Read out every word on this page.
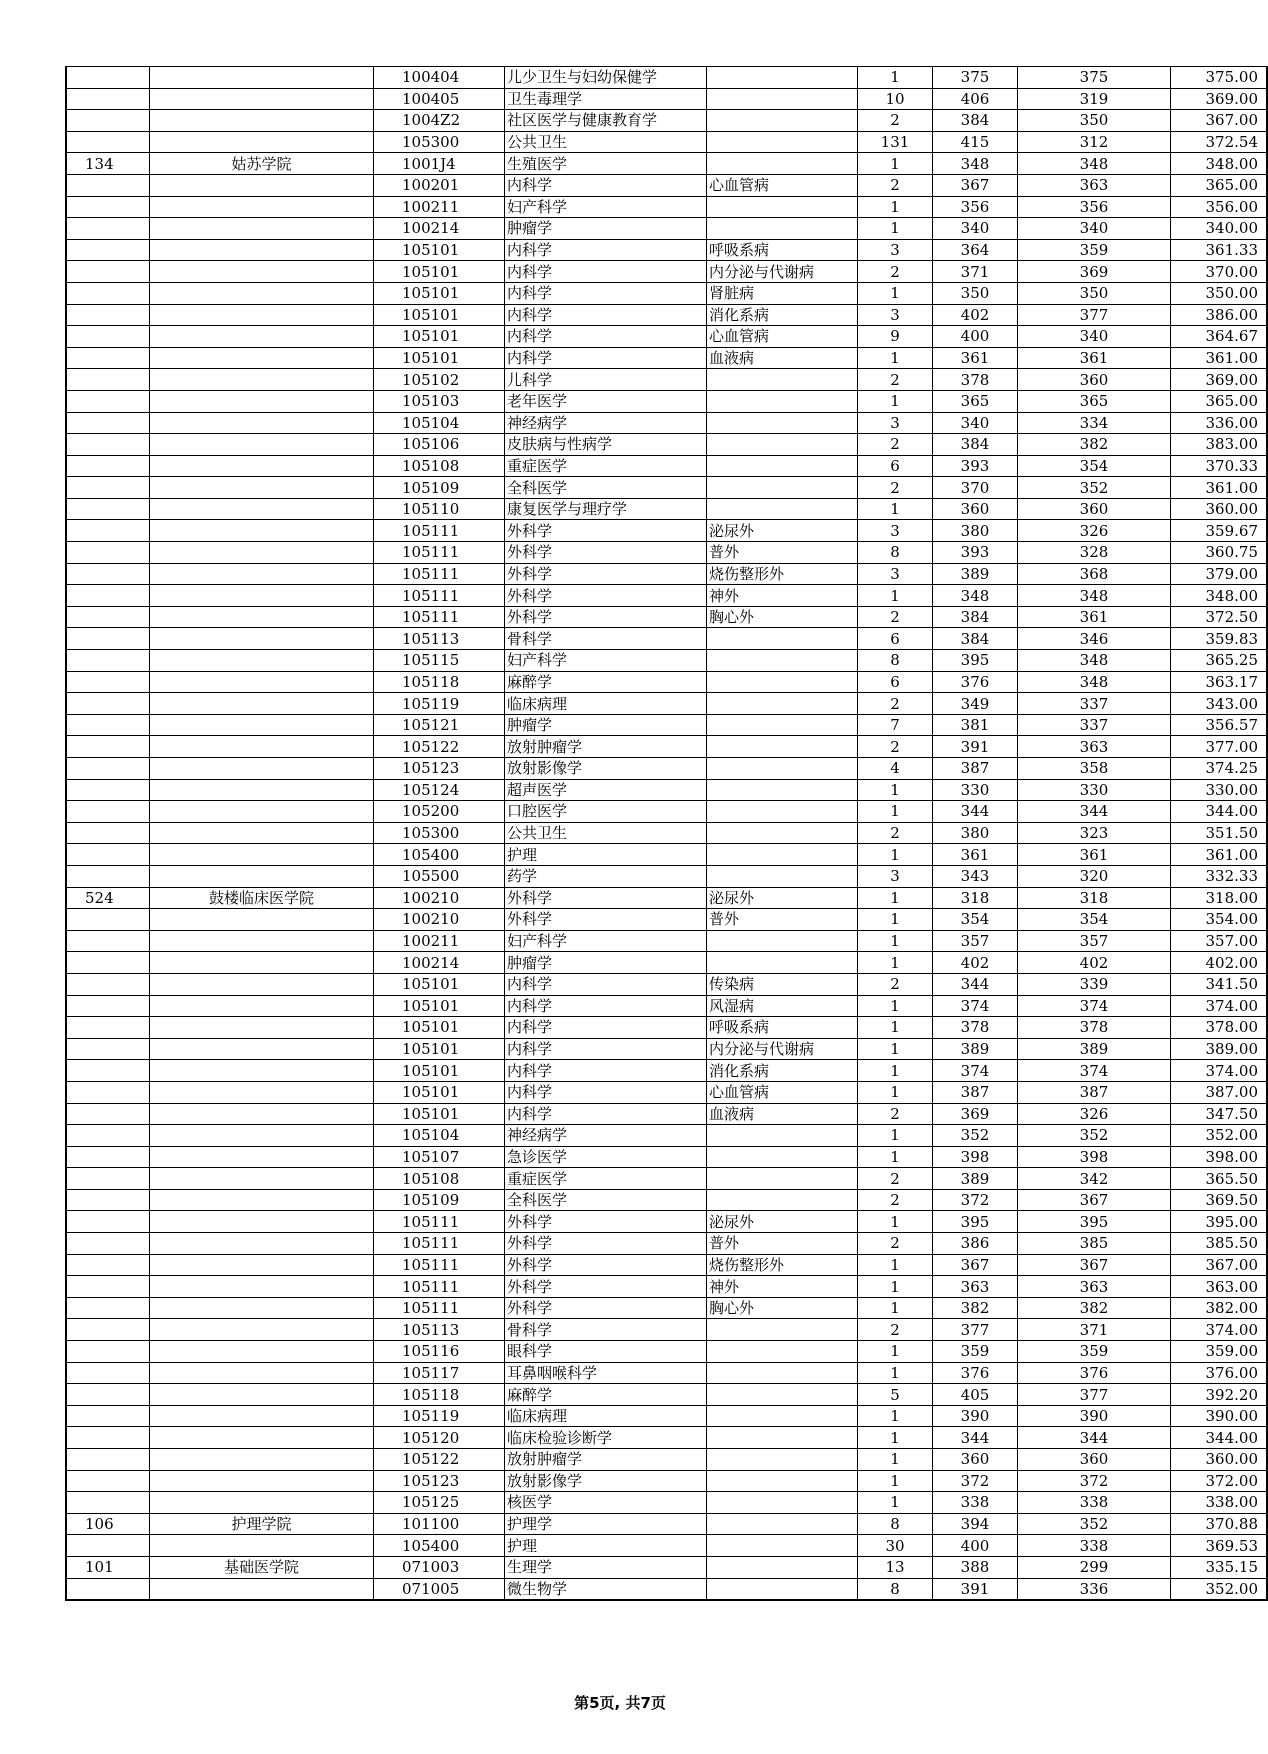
		100404	儿少卫生与妇幼保健学		1	375	375	375.00
		100405	卫生毒理学		10	406	319	369.00
		1004Z2	社区医学与健康教育学		2	384	350	367.00
		105300	公共卫生		131	415	312	372.54
134	姑苏学院	1001J4	生殖医学		1	348	348	348.00
		100201	内科学	心血管病	2	367	363	365.00
		100211	妇产科学		1	356	356	356.00
		100214	肿瘤学		1	340	340	340.00
		105101	内科学	呼吸系病	3	364	359	361.33
		105101	内科学	内分泌与代谢病	2	371	369	370.00
		105101	内科学	肾脏病	1	350	350	350.00
		105101	内科学	消化系病	3	402	377	386.00
		105101	内科学	心血管病	9	400	340	364.67
		105101	内科学	血液病	1	361	361	361.00
		105102	儿科学		2	378	360	369.00
		105103	老年医学		1	365	365	365.00
		105104	神经病学		3	340	334	336.00
		105106	皮肤病与性病学		2	384	382	383.00
		105108	重症医学		6	393	354	370.33
		105109	全科医学		2	370	352	361.00
		105110	康复医学与理疗学		1	360	360	360.00
		105111	外科学	泌尿外	3	380	326	359.67
		105111	外科学	普外	8	393	328	360.75
		105111	外科学	烧伤整形外	3	389	368	379.00
		105111	外科学	神外	1	348	348	348.00
		105111	外科学	胸心外	2	384	361	372.50
		105113	骨科学		6	384	346	359.83
		105115	妇产科学		8	395	348	365.25
		105118	麻醉学		6	376	348	363.17
		105119	临床病理		2	349	337	343.00
		105121	肿瘤学		7	381	337	356.57
		105122	放射肿瘤学		2	391	363	377.00
		105123	放射影像学		4	387	358	374.25
		105124	超声医学		1	330	330	330.00
		105200	口腔医学		1	344	344	344.00
		105300	公共卫生		2	380	323	351.50
		105400	护理		1	361	361	361.00
		105500	药学		3	343	320	332.33
524	鼓楼临床医学院	100210	外科学	泌尿外	1	318	318	318.00
		100210	外科学	普外	1	354	354	354.00
		100211	妇产科学		1	357	357	357.00
		100214	肿瘤学		1	402	402	402.00
		105101	内科学	传染病	2	344	339	341.50
		105101	内科学	风湿病	1	374	374	374.00
		105101	内科学	呼吸系病	1	378	378	378.00
		105101	内科学	内分泌与代谢病	1	389	389	389.00
		105101	内科学	消化系病	1	374	374	374.00
		105101	内科学	心血管病	1	387	387	387.00
		105101	内科学	血液病	2	369	326	347.50
		105104	神经病学		1	352	352	352.00
		105107	急诊医学		1	398	398	398.00
		105108	重症医学		2	389	342	365.50
		105109	全科医学		2	372	367	369.50
		105111	外科学	泌尿外	1	395	395	395.00
		105111	外科学	普外	2	386	385	385.50
		105111	外科学	烧伤整形外	1	367	367	367.00
		105111	外科学	神外	1	363	363	363.00
		105111	外科学	胸心外	1	382	382	382.00
		105113	骨科学		2	377	371	374.00
		105116	眼科学		1	359	359	359.00
		105117	耳鼻咽喉科学		1	376	376	376.00
		105118	麻醉学		5	405	377	392.20
		105119	临床病理		1	390	390	390.00
		105120	临床检验诊断学		1	344	344	344.00
		105122	放射肿瘤学		1	360	360	360.00
		105123	放射影像学		1	372	372	372.00
		105125	核医学		1	338	338	338.00
106	护理学院	101100	护理学		8	394	352	370.88
		105400	护理		30	400	338	369.53
101	基础医学院	071003	生理学		13	388	299	335.15
		071005	微生物学		8	391	336	352.00
第5页, 共7页
